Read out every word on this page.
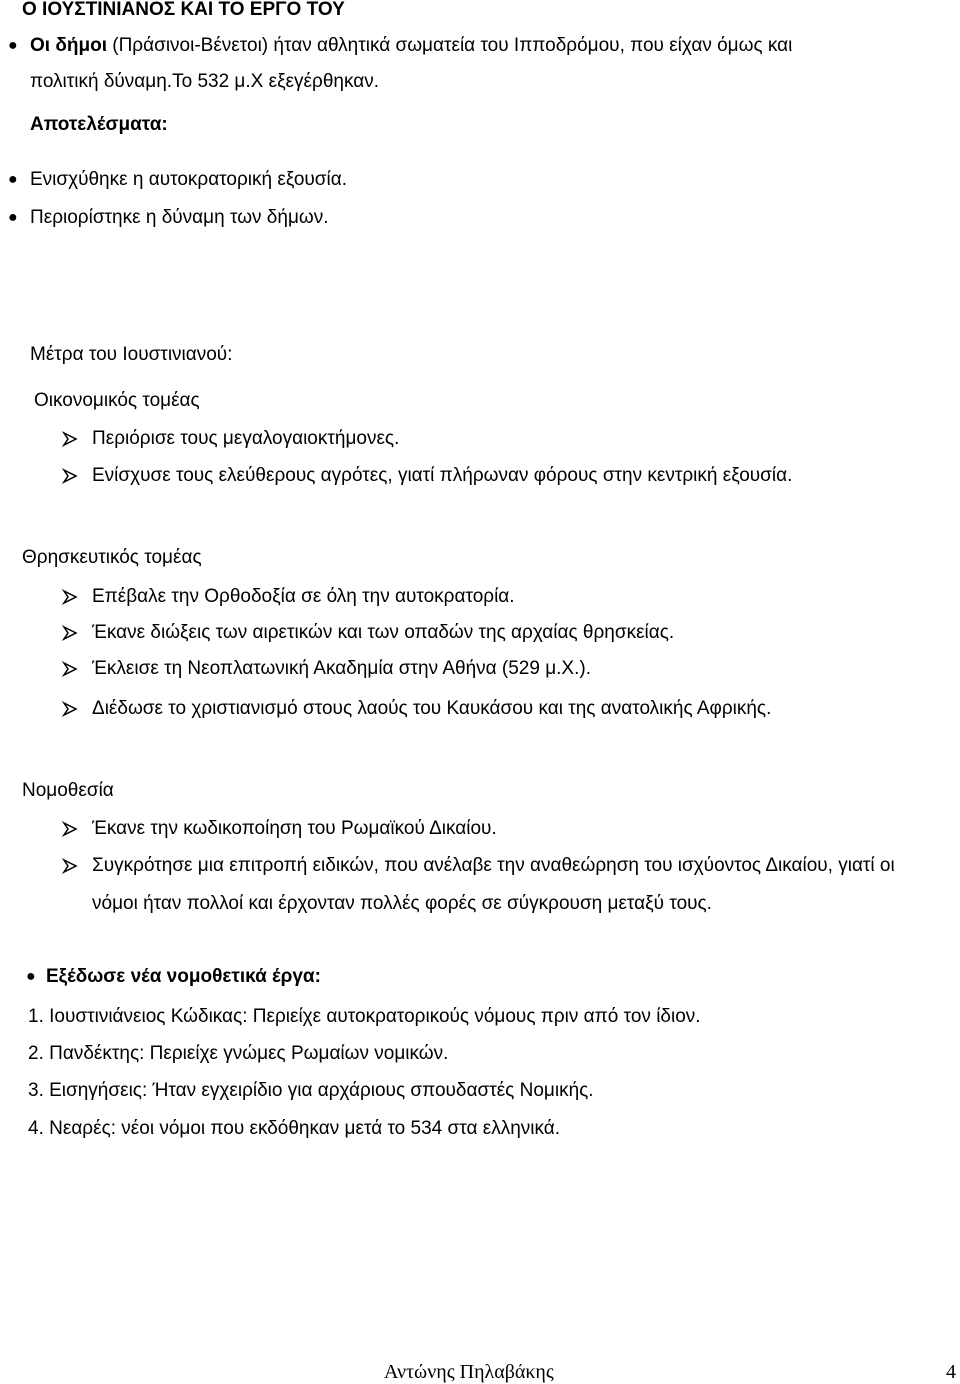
Ο ΙΟΥΣΤΙΝΙΑΝΟΣ ΚΑΙ ΤΟ ΕΡΓΟ ΤΟΥ
● Οι δήμοι (Πράσινοι-Βένετοι) ήταν αθλητικά σωματεία του Ιπποδρόμου, που είχαν όμως και
πολιτική δύναμη.Το 532 μ.Χ εξεγέρθηκαν.
Αποτελέσματα:
● Ενισχύθηκε η αυτοκρατορική εξουσία.
● Περιορίστηκε η δύναμη των δήμων.
Μέτρα του Ιουστινιανού:
Οικονομικός τομέας
Περιόρισε τους μεγαλογαιοκτήμονες.
Ενίσχυσε τους ελεύθερους αγρότες, γιατί πλήρωναν φόρους στην κεντρική εξουσία.
Θρησκευτικός τομέας
Επέβαλε την Ορθοδοξία σε όλη την αυτοκρατορία.
Έκανε διώξεις των αιρετικών και των οπαδών της αρχαίας θρησκείας.
Έκλεισε τη Νεοπλατωνική Ακαδημία στην Αθήνα (529 μ.Χ.).
Διέδωσε το χριστιανισμό στους λαούς του Καυκάσου και της ανατολικής Αφρικής.
Νομοθεσία
Έκανε την κωδικοποίηση του Ρωμαϊκού Δικαίου.
Συγκρότησε μια επιτροπή ειδικών, που ανέλαβε την αναθεώρηση του ισχύοντος Δικαίου, γιατί οι
νόμοι ήταν πολλοί και έρχονταν πολλές φορές σε σύγκρουση μεταξύ τους.
● Εξέδωσε νέα νομοθετικά έργα:
1. Ιουστινιάνειος Κώδικας: Περιείχε αυτοκρατορικούς νόμους πριν από τον ίδιον.
2. Πανδέκτης: Περιείχε γνώμες Ρωμαίων νομικών.
3. Εισηγήσεις: Ήταν εγχειρίδιο για αρχάριους σπουδαστές Νομικής.
4. Νεαρές: νέοι νόμοι που εκδόθηκαν μετά το 534 στα ελληνικά.
Αντώνης Πηλαβάκης	4
